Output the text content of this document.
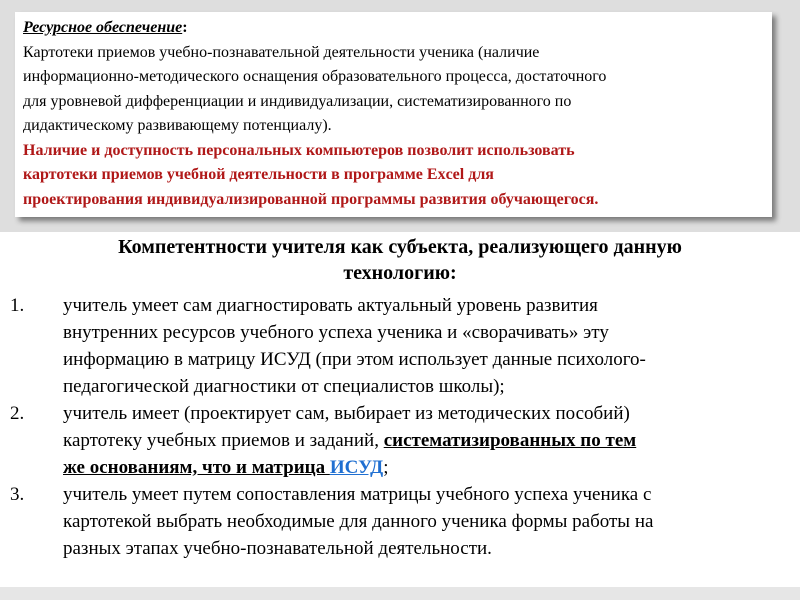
Ресурсное обеспечение:

Картотеки приемов учебно-познавательной деятельности ученика (наличие

информационно-методического оснащения образовательного процесса, достаточного

для уровневой дифференциации и индивидуализации, систематизированного по

дидактическому развивающему потенциалу).

Наличие и доступность персональных компьютеров позволит использовать

картотеки приемов учебной деятельности в программе Excel для

проектирования индивидуализированной программы развития обучающегося.

Компетентности учителя как субъекта, реализующего данную

технологию:

1. учитель умеет сам диагностировать актуальный уровень развития

внутренних ресурсов учебного успеха ученика и «сворачивать» эту

информацию в матрицу ИСУД (при этом использует данные психолого-

педагогической диагностики от специалистов школы);

2. учитель имеет (проектирует сам, выбирает из методических пособий)

картотеку учебных приемов и заданий, систематизированных по тем

же основаниям, что и матрица ИСУД;

3. учитель умеет путем сопоставления матрицы учебного успеха ученика с

картотекой выбрать необходимые для данного ученика формы работы на

разных этапах учебно-познавательной деятельности.
